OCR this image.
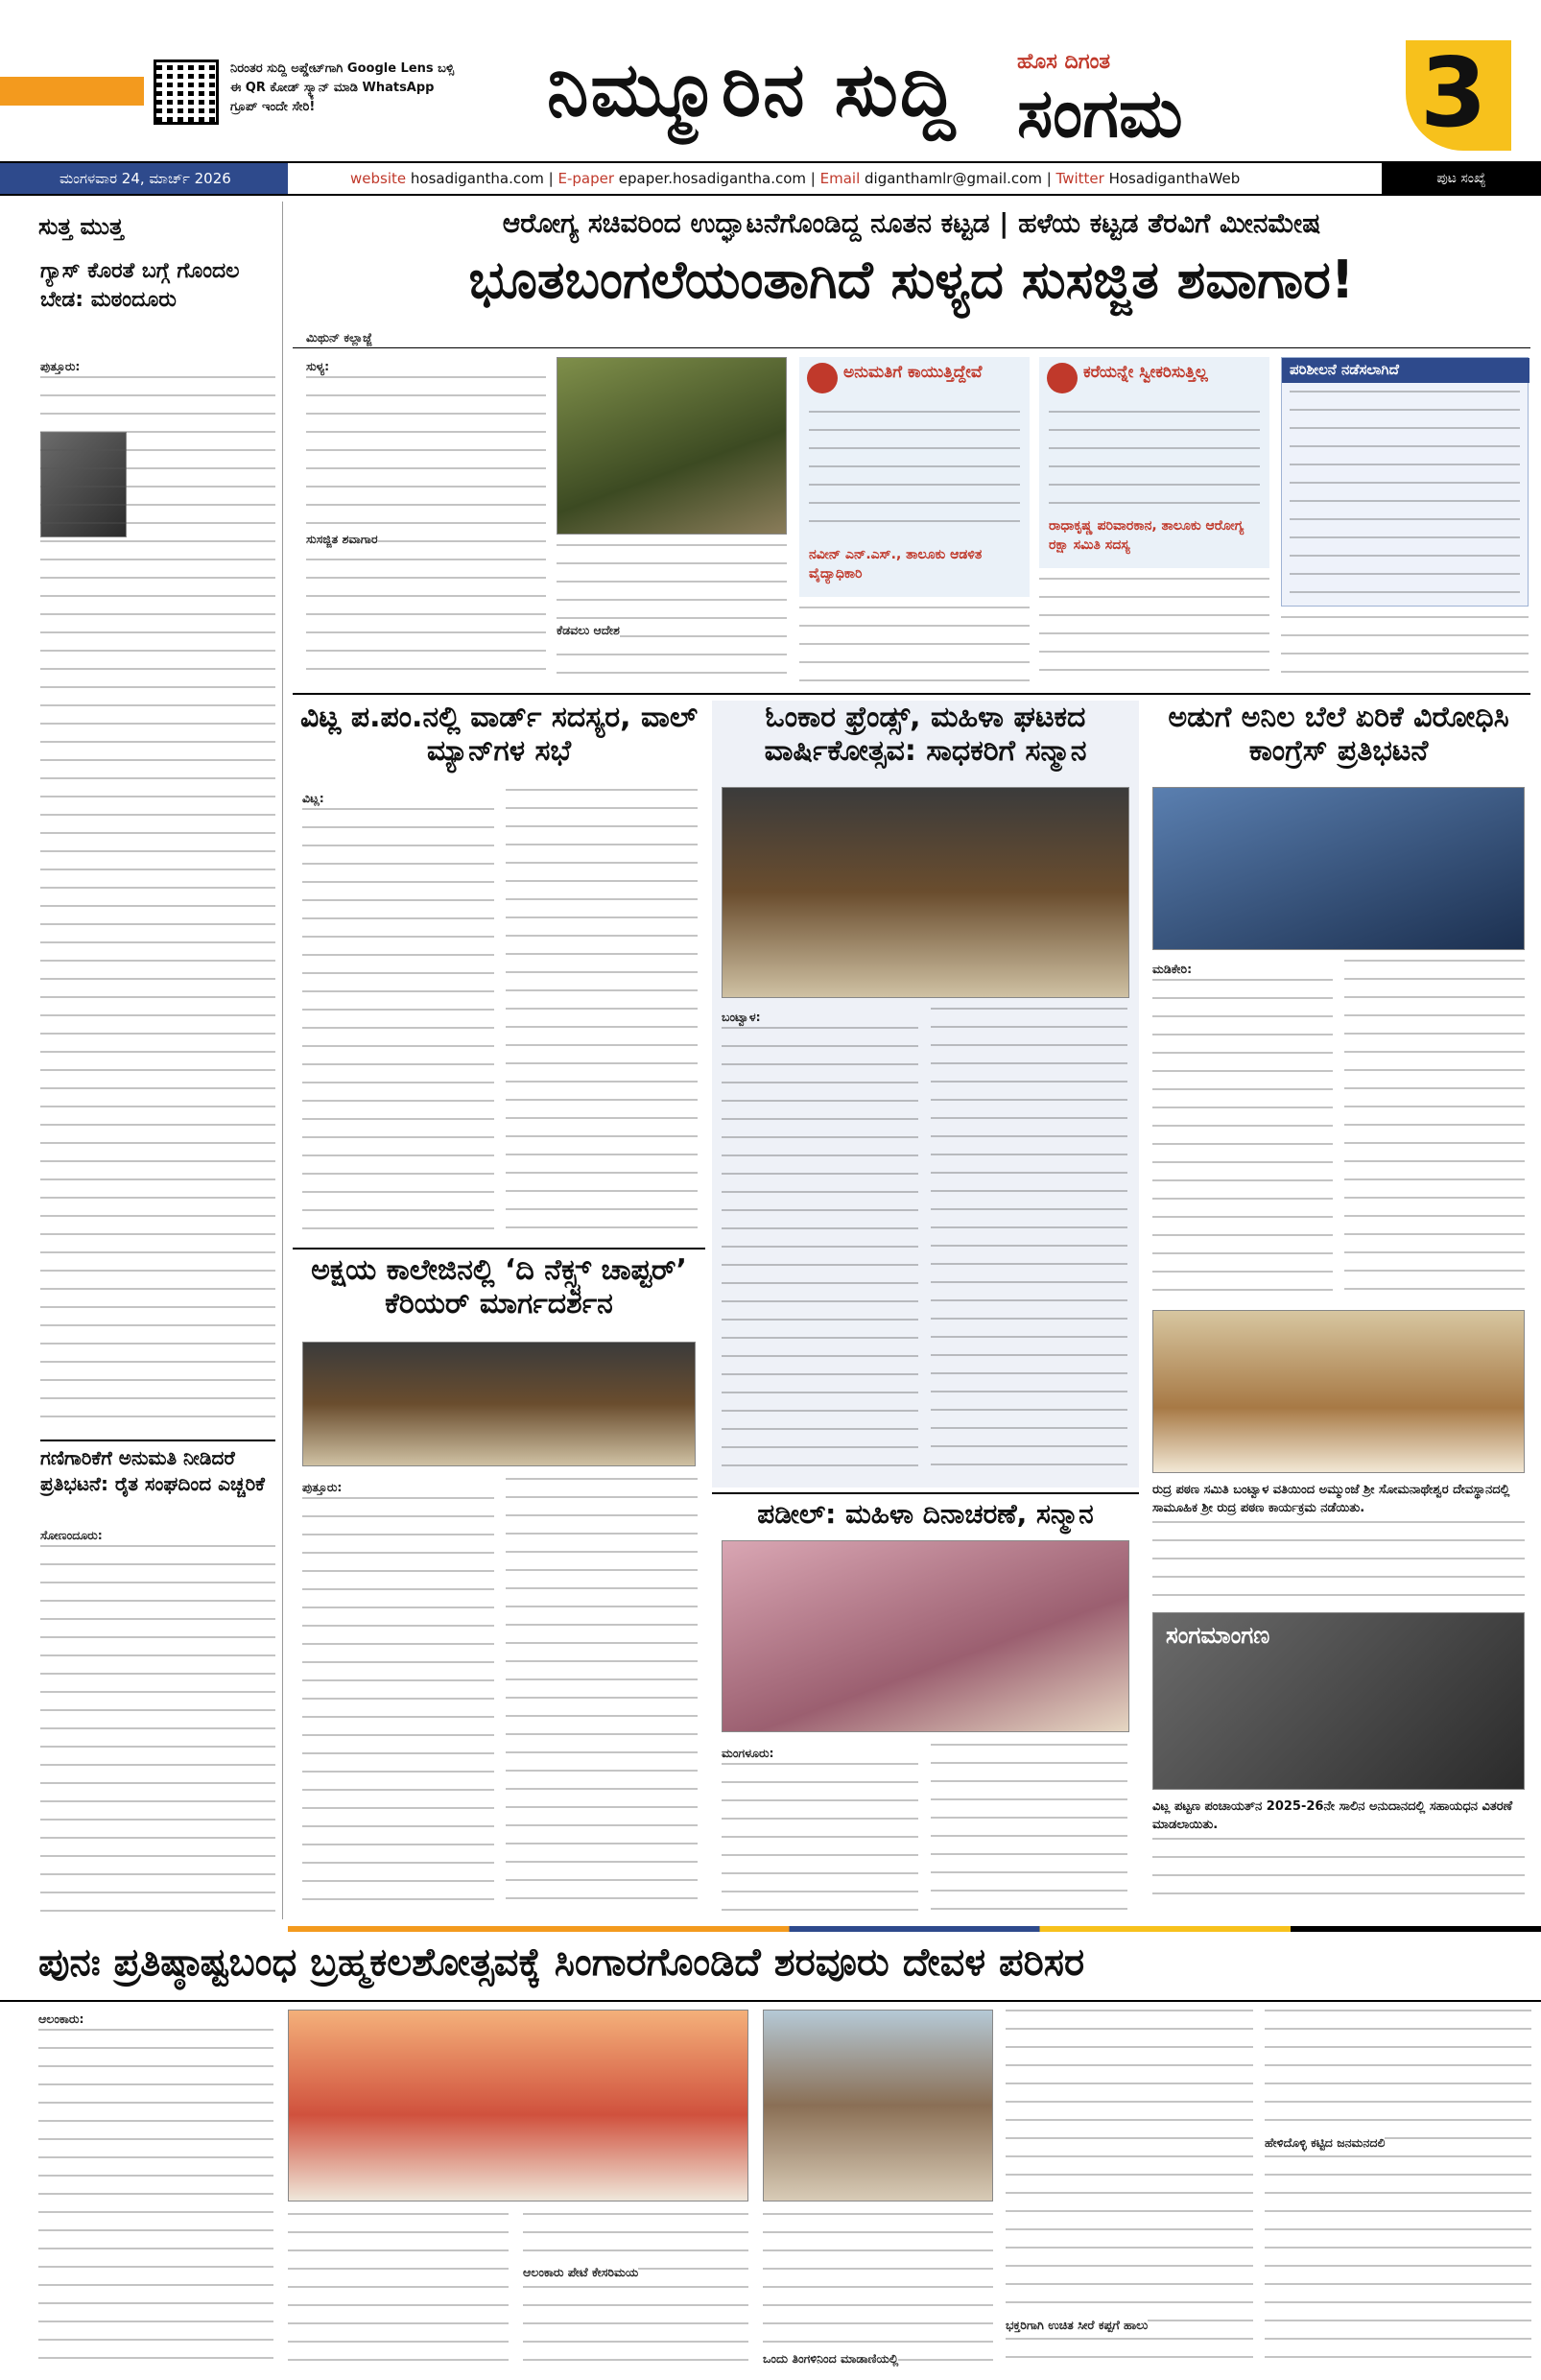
ನಿರಂತರ ಸುದ್ದಿ ಅಪ್ಡೇಟ್‌ಗಾಗಿ Google Lens ಬಳ್ಸಿ ಈ QR ಕೋಡ್ ಸ್ಕ್ಯಾನ್ ಮಾಡಿ WhatsApp ಗ್ರೂಪ್ ಇಂದೇ ಸೇರಿ!	ನಿಮ್ಮೂರಿನ ಸುದ್ದಿ	ಹೊಸ ದಿಗಂತ
ಸಂಗಮ 3
ಮಂಗಳವಾರ 24, ಮಾರ್ಚ್ 2026	website hosadigantha.com | E-paper epaper.hosadigantha.com | Email diganthamlr@gmail.com | Twitter HosadiganthaWeb	ಪುಟ ಸಂಖ್ಯೆ
ಸುತ್ತ ಮುತ್ತ
ಗ್ಯಾಸ್ ಕೊರತೆ ಬಗ್ಗೆ ಗೊಂದಲ ಬೇಡ: ಮಠಂದೂರು
ಪುತ್ತೂರು:
ಗಣಿಗಾರಿಕೆಗೆ ಅನುಮತಿ ನೀಡಿದರೆ ಪ್ರತಿಭಟನೆ: ರೈತ ಸಂಘದಿಂದ ಎಚ್ಚರಿಕೆ
ಸೋಣಂದೂರು:
ಆರೋಗ್ಯ ಸಚಿವರಿಂದ ಉದ್ಘಾಟನೆಗೊಂಡಿದ್ದ ನೂತನ ಕಟ್ಟಡ | ಹಳೆಯ ಕಟ್ಟಡ ತೆರವಿಗೆ ಮೀನಮೇಷ
ಭೂತಬಂಗಲೆಯಂತಾಗಿದೆ ಸುಳ್ಯದ ಸುಸಜ್ಜಿತ ಶವಾಗಾರ!
ಮಿಥುನ್ ಕಲ್ಲಾಜ್ಜೆ
ಸುಳ್ಯ:
ಸುಸಜ್ಜಿತ ಶವಾಗಾರ
ಕೆಡವಲು ಆದೇಶ
ಅನುಮತಿಗೆ ಕಾಯುತ್ತಿದ್ದೇವೆ
ನವೀನ್ ಎನ್.ಎಸ್., ತಾಲೂಕು ಆಡಳಿತ ವೈದ್ಯಾಧಿಕಾರಿ
ಕರೆಯನ್ನೇ ಸ್ವೀಕರಿಸುತ್ತಿಲ್ಲ
ರಾಧಾಕೃಷ್ಣ ಪರಿವಾರಕಾನ, ತಾಲೂಕು ಆರೋಗ್ಯ ರಕ್ಷಾ ಸಮಿತಿ ಸದಸ್ಯ
ಪರಿಶೀಲನೆ ನಡೆಸಲಾಗಿದೆ
ವಿಟ್ಲ ಪ.ಪಂ.ನಲ್ಲಿ ವಾರ್ಡ್ ಸದಸ್ಯರ, ವಾಲ್ ಮ್ಯಾನ್‌ಗಳ ಸಭೆ
ವಿಟ್ಲ:
ಓಂಕಾರ ಫ್ರೆಂಡ್ಸ್, ಮಹಿಳಾ ಘಟಕದ ವಾರ್ಷಿಕೋತ್ಸವ: ಸಾಧಕರಿಗೆ ಸನ್ಮಾನ
ಬಂಟ್ವಾಳ:
ಅಡುಗೆ ಅನಿಲ ಬೆಲೆ ಏರಿಕೆ ವಿರೋಧಿಸಿ ಕಾಂಗ್ರೆಸ್ ಪ್ರತಿಭಟನೆ
ಮಡಿಕೇರಿ:
ಅಕ್ಷಯ ಕಾಲೇಜಿನಲ್ಲಿ ‘ದಿ ನೆಕ್ಸ್ಟ್ ಚಾಪ್ಟರ್’ ಕೆರಿಯರ್ ಮಾರ್ಗದರ್ಶನ
ಪುತ್ತೂರು:
ಪಡೀಲ್: ಮಹಿಳಾ ದಿನಾಚರಣೆ, ಸನ್ಮಾನ
ಮಂಗಳೂರು:
ರುದ್ರ ಪಠಣ ಸಮಿತಿ ಬಂಟ್ವಾಳ ವತಿಯಿಂದ ಅಮ್ಮುಂಜೆ ಶ್ರೀ ಸೋಮನಾಥೇಶ್ವರ ದೇವಸ್ಥಾನದಲ್ಲಿ ಸಾಮೂಹಿಕ ಶ್ರೀ ರುದ್ರ ಪಠಣ ಕಾರ್ಯಕ್ರಮ ನಡೆಯಿತು.
ಸಂಗಮಾಂಗಣ
ವಿಟ್ಲ ಪಟ್ಟಣ ಪಂಚಾಯತ್‌ನ 2025-26ನೇ ಸಾಲಿನ ಅನುದಾನದಲ್ಲಿ ಸಹಾಯಧನ ವಿತರಣೆ ಮಾಡಲಾಯಿತು.
ಪುನಃ ಪ್ರತಿಷ್ಠಾಷ್ಟಬಂಧ ಬ್ರಹ್ಮಕಲಶೋತ್ಸವಕ್ಕೆ ಸಿಂಗಾರಗೊಂಡಿದೆ ಶರವೂರು ದೇವಳ ಪರಿಸರ
ಆಲಂಕಾರು:
ಆಲಂಕಾರು ಪೇಟೆ ಕೇಸರಿಮಯ
ಒಂದು ತಿಂಗಳಿನಿಂದ ಮಾಡಾಣಿಯಲ್ಲಿ
ಭಕ್ತರಿಗಾಗಿ ಉಚಿತ ಸೀರೆ ಕಪ್ಪಗೆ ಹಾಲು
ಹೇಳಿದೊಳ್ಳಿ ಕಟ್ಟಿದ ಜನಮನದಲಿ
